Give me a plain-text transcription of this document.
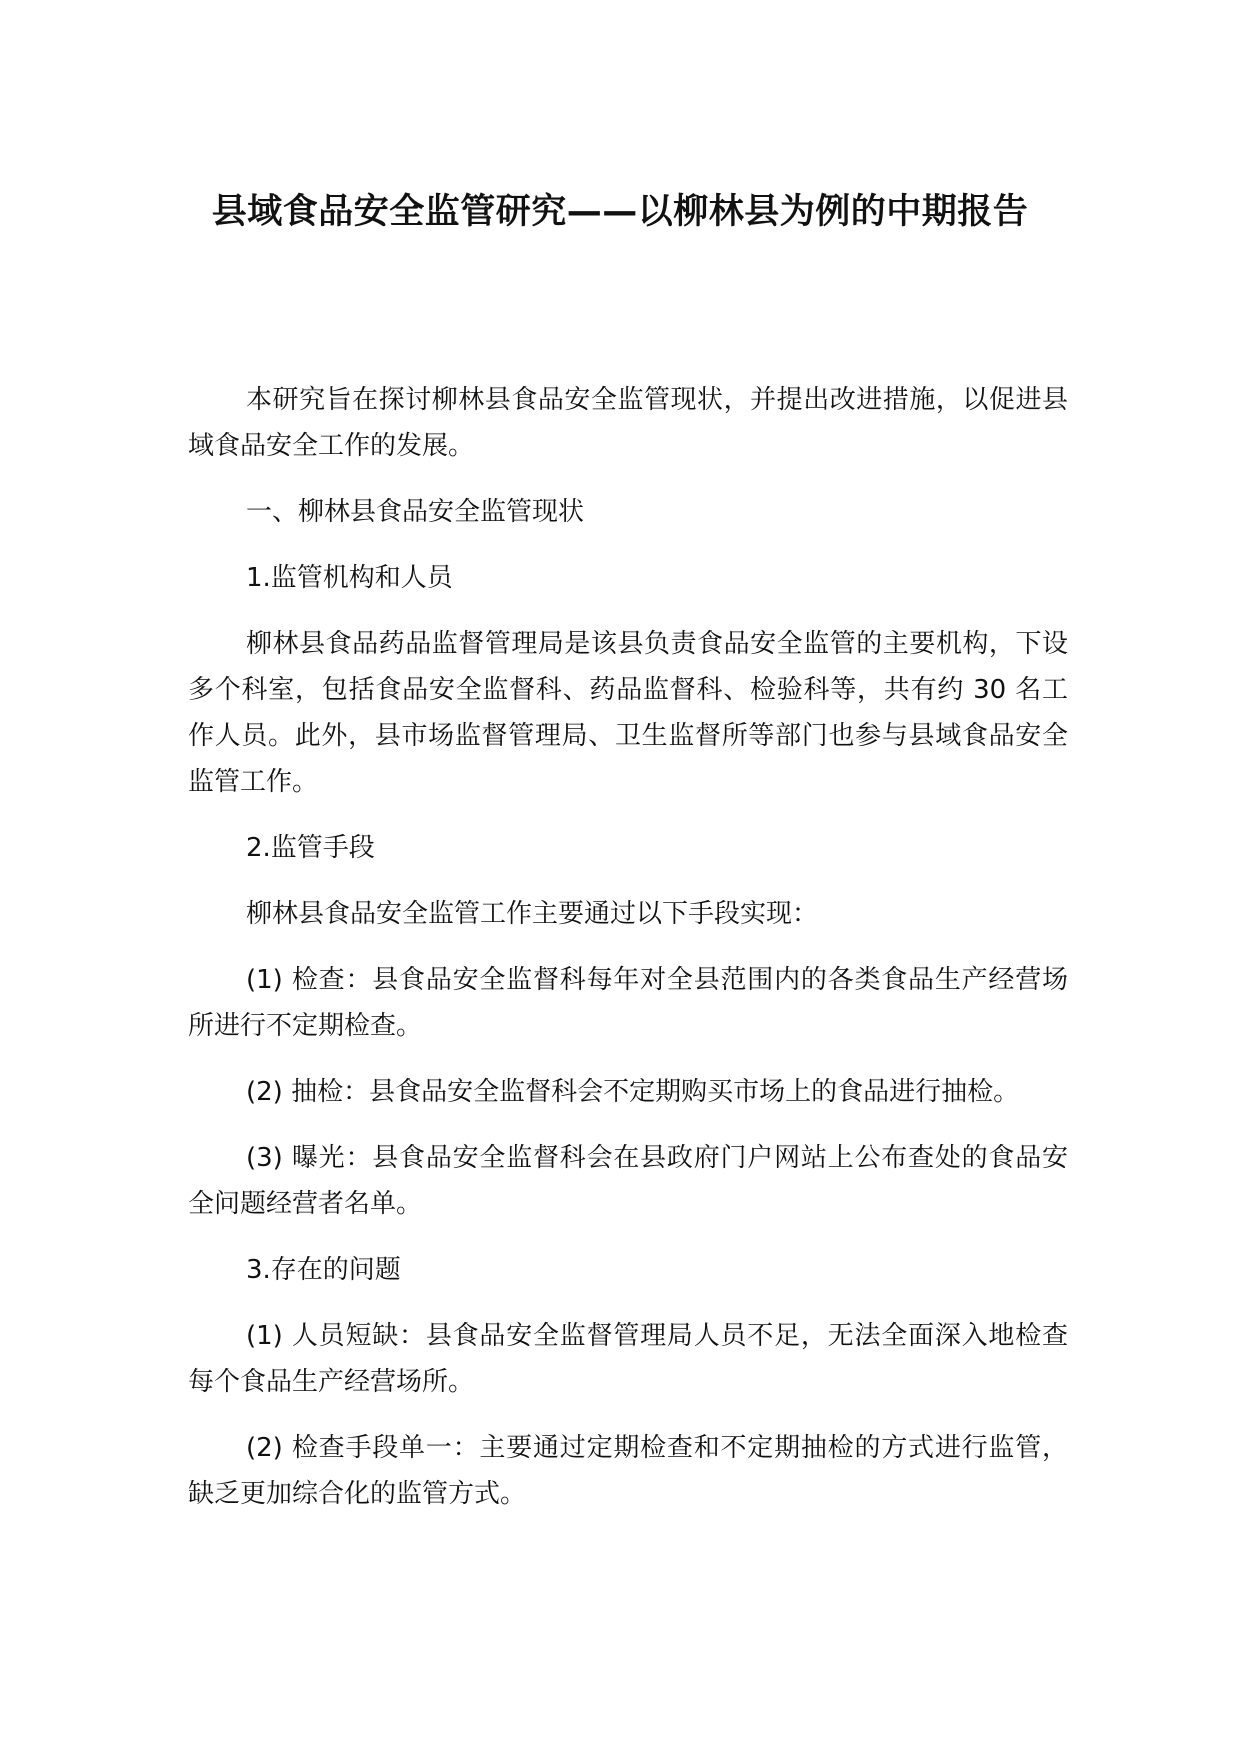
县域食品安全监管研究——以柳林县为例的中期报告

本研究旨在探讨柳林县食品安全监管现状，并提出改进措施，以促进县域食品安全工作的发展。

一、柳林县食品安全监管现状

1.监管机构和人员

柳林县食品药品监督管理局是该县负责食品安全监管的主要机构，下设多个科室，包括食品安全监督科、药品监督科、检验科等，共有约 30 名工作人员。此外，县市场监督管理局、卫生监督所等部门也参与县域食品安全监管工作。

2.监管手段

柳林县食品安全监管工作主要通过以下手段实现：

(1) 检查：县食品安全监督科每年对全县范围内的各类食品生产经营场所进行不定期检查。

(2) 抽检：县食品安全监督科会不定期购买市场上的食品进行抽检。

(3) 曝光：县食品安全监督科会在县政府门户网站上公布查处的食品安全问题经营者名单。

3.存在的问题

(1) 人员短缺：县食品安全监督管理局人员不足，无法全面深入地检查每个食品生产经营场所。

(2) 检查手段单一：主要通过定期检查和不定期抽检的方式进行监管，缺乏更加综合化的监管方式。
